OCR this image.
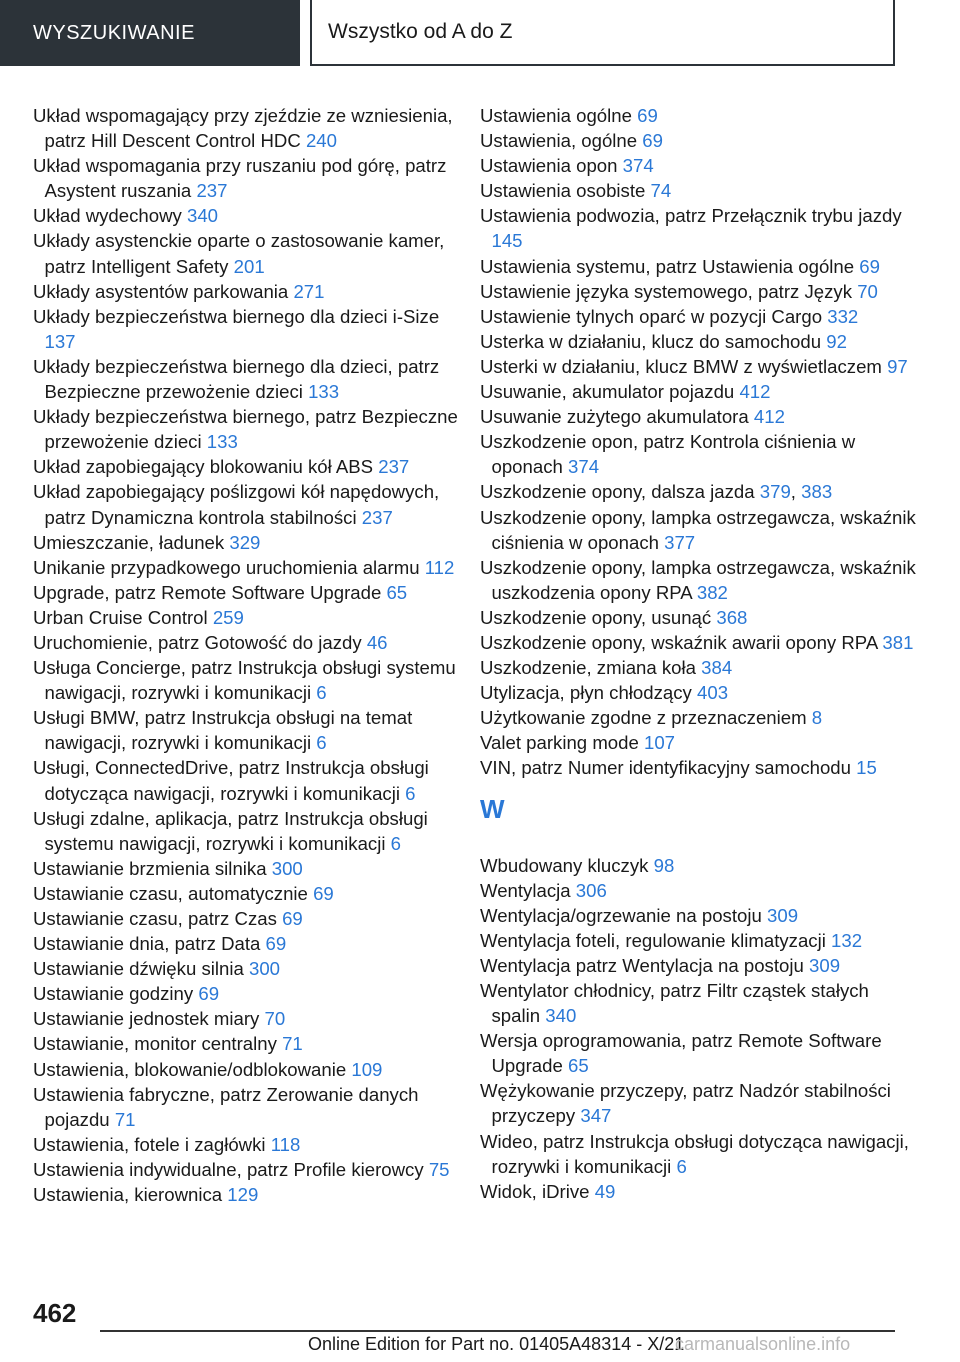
WYSZUKIWANIE	Wszystko od A do Z

Układ wspomagający przy zjeździe ze wzniesienia, patrz Hill Descent Control HDC 240

Układ wspomagania przy ruszaniu pod górę, patrz Asystent ruszania 237

Układ wydechowy 340

Układy asystenckie oparte o zastosowanie kamer, patrz Intelligent Safety 201

Układy asystentów parkowania 271

Układy bezpieczeństwa biernego dla dzieci i-Size 137

Układy bezpieczeństwa biernego dla dzieci, patrz Bezpieczne przewożenie dzieci 133

Układy bezpieczeństwa biernego, patrz Bezpieczne przewożenie dzieci 133

Układ zapobiegający blokowaniu kół ABS 237

Układ zapobiegający poślizgowi kół napędowych, patrz Dynamiczna kontrola stabilności 237

Umieszczanie, ładunek 329

Unikanie przypadkowego uruchomienia alarmu 112

Upgrade, patrz Remote Software Upgrade 65

Urban Cruise Control 259

Uruchomienie, patrz Gotowość do jazdy 46

Usługa Concierge, patrz Instrukcja obsługi systemu nawigacji, rozrywki i komunikacji 6

Usługi BMW, patrz Instrukcja obsługi na temat nawigacji, rozrywki i komunikacji 6

Usługi, ConnectedDrive, patrz Instrukcja obsługi dotycząca nawigacji, rozrywki i komunikacji 6

Usługi zdalne, aplikacja, patrz Instrukcja obsługi systemu nawigacji, rozrywki i komunikacji 6

Ustawianie brzmienia silnika 300

Ustawianie czasu, automatycznie 69

Ustawianie czasu, patrz Czas 69

Ustawianie dnia, patrz Data 69

Ustawianie dźwięku silnia 300

Ustawianie godziny 69

Ustawianie jednostek miary 70

Ustawianie, monitor centralny 71

Ustawienia, blokowanie/odblokowanie 109

Ustawienia fabryczne, patrz Zerowanie danych pojazdu 71

Ustawienia, fotele i zagłówki 118

Ustawienia indywidualne, patrz Profile kierowcy 75

Ustawienia, kierownica 129

Ustawienia ogólne 69

Ustawienia, ogólne 69

Ustawienia opon 374

Ustawienia osobiste 74

Ustawienia podwozia, patrz Przełącznik trybu jazdy 145

Ustawienia systemu, patrz Ustawienia ogólne 69

Ustawienie języka systemowego, patrz Język 70

Ustawienie tylnych oparć w pozycji Cargo 332

Usterka w działaniu, klucz do samochodu 92

Usterki w działaniu, klucz BMW z wyświetlaczem 97

Usuwanie, akumulator pojazdu 412

Usuwanie zużytego akumulatora 412

Uszkodzenie opon, patrz Kontrola ciśnienia w oponach 374

Uszkodzenie opony, dalsza jazda 379, 383

Uszkodzenie opony, lampka ostrzegawcza, wskaźnik ciśnienia w oponach 377

Uszkodzenie opony, lampka ostrzegawcza, wskaźnik uszkodzenia opony RPA 382

Uszkodzenie opony, usunąć 368

Uszkodzenie opony, wskaźnik awarii opony RPA 381

Uszkodzenie, zmiana koła 384

Utylizacja, płyn chłodzący 403

Użytkowanie zgodne z przeznaczeniem 8

Valet parking mode 107

VIN, patrz Numer identyfikacyjny samochodu 15

W

Wbudowany kluczyk 98

Wentylacja 306

Wentylacja/ogrzewanie na postoju 309

Wentylacja foteli, regulowanie klimatyzacji 132

Wentylacja patrz Wentylacja na postoju 309

Wentylator chłodnicy, patrz Filtr cząstek stałych spalin 340

Wersja oprogramowania, patrz Remote Software Upgrade 65

Wężykowanie przyczepy, patrz Nadzór stabilności przyczepy 347

Wideo, patrz Instrukcja obsługi dotycząca nawigacji, rozrywki i komunikacji 6

Widok, iDrive 49

462
Online Edition for Part no. 01405A48314 - X/21
carmanualsonline.info
